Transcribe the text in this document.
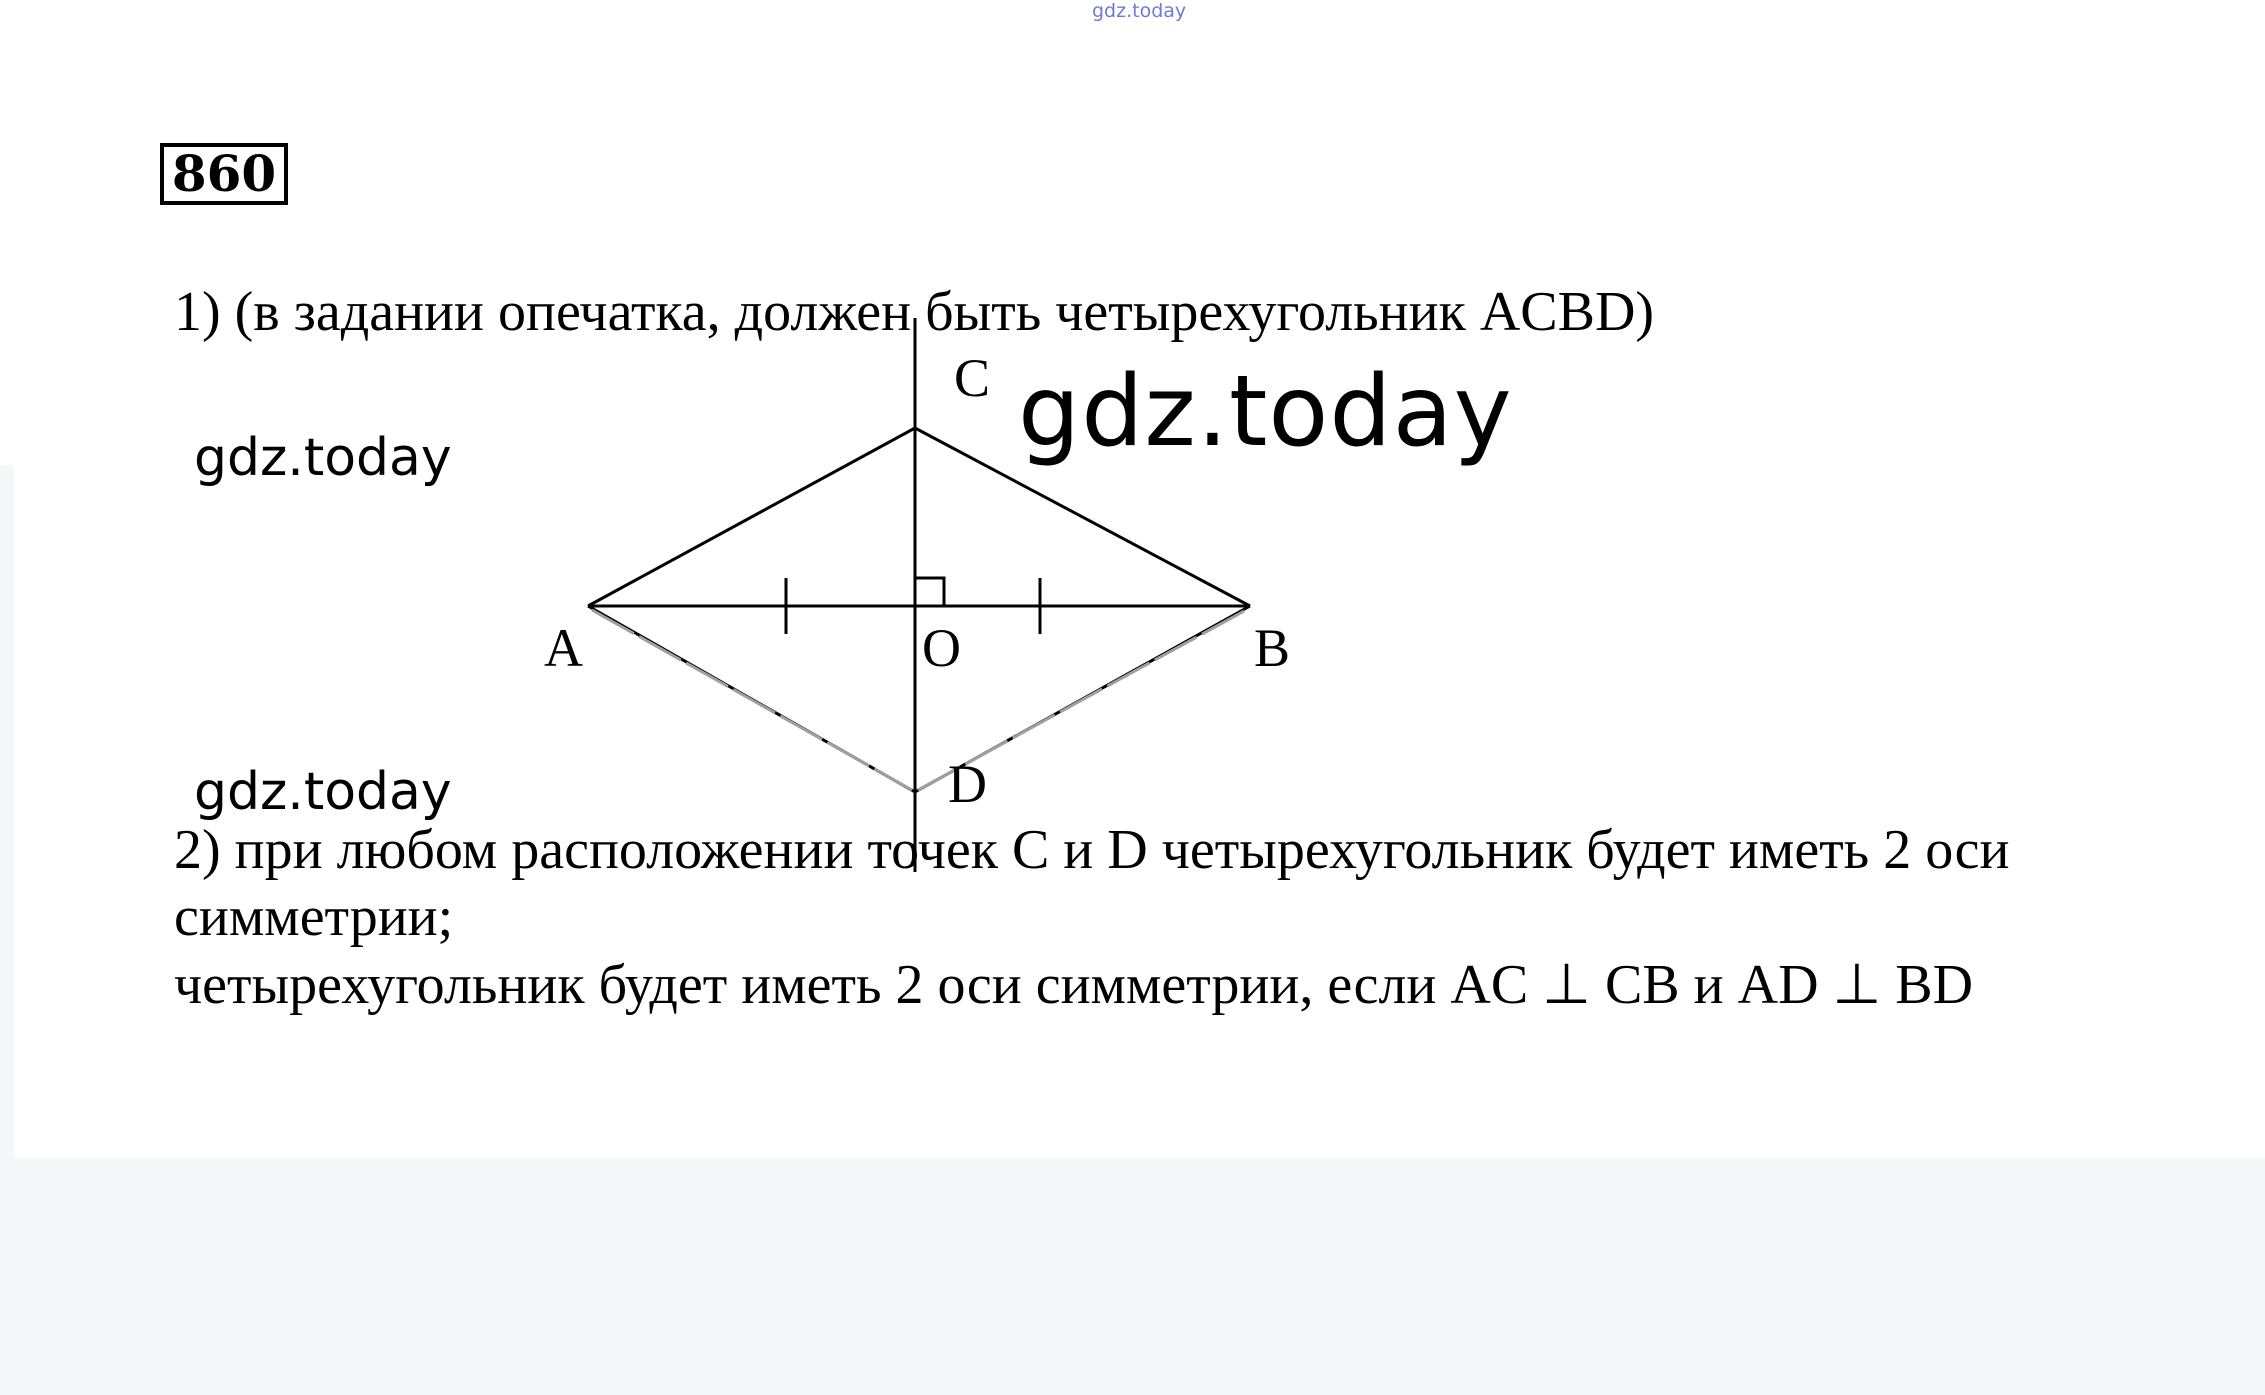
gdz.today
860
1) (в задании опечатка, должен быть четырехугольник ACBD)
A	B
C
D
O
gdz.today
gdz.today
gdz.today
2) при любом расположении точек C и D четырехугольник будет иметь 2 оси
симметрии;
четырехугольник будет иметь 2 оси симметрии, если AC ⊥ CB и AD ⊥ BD
